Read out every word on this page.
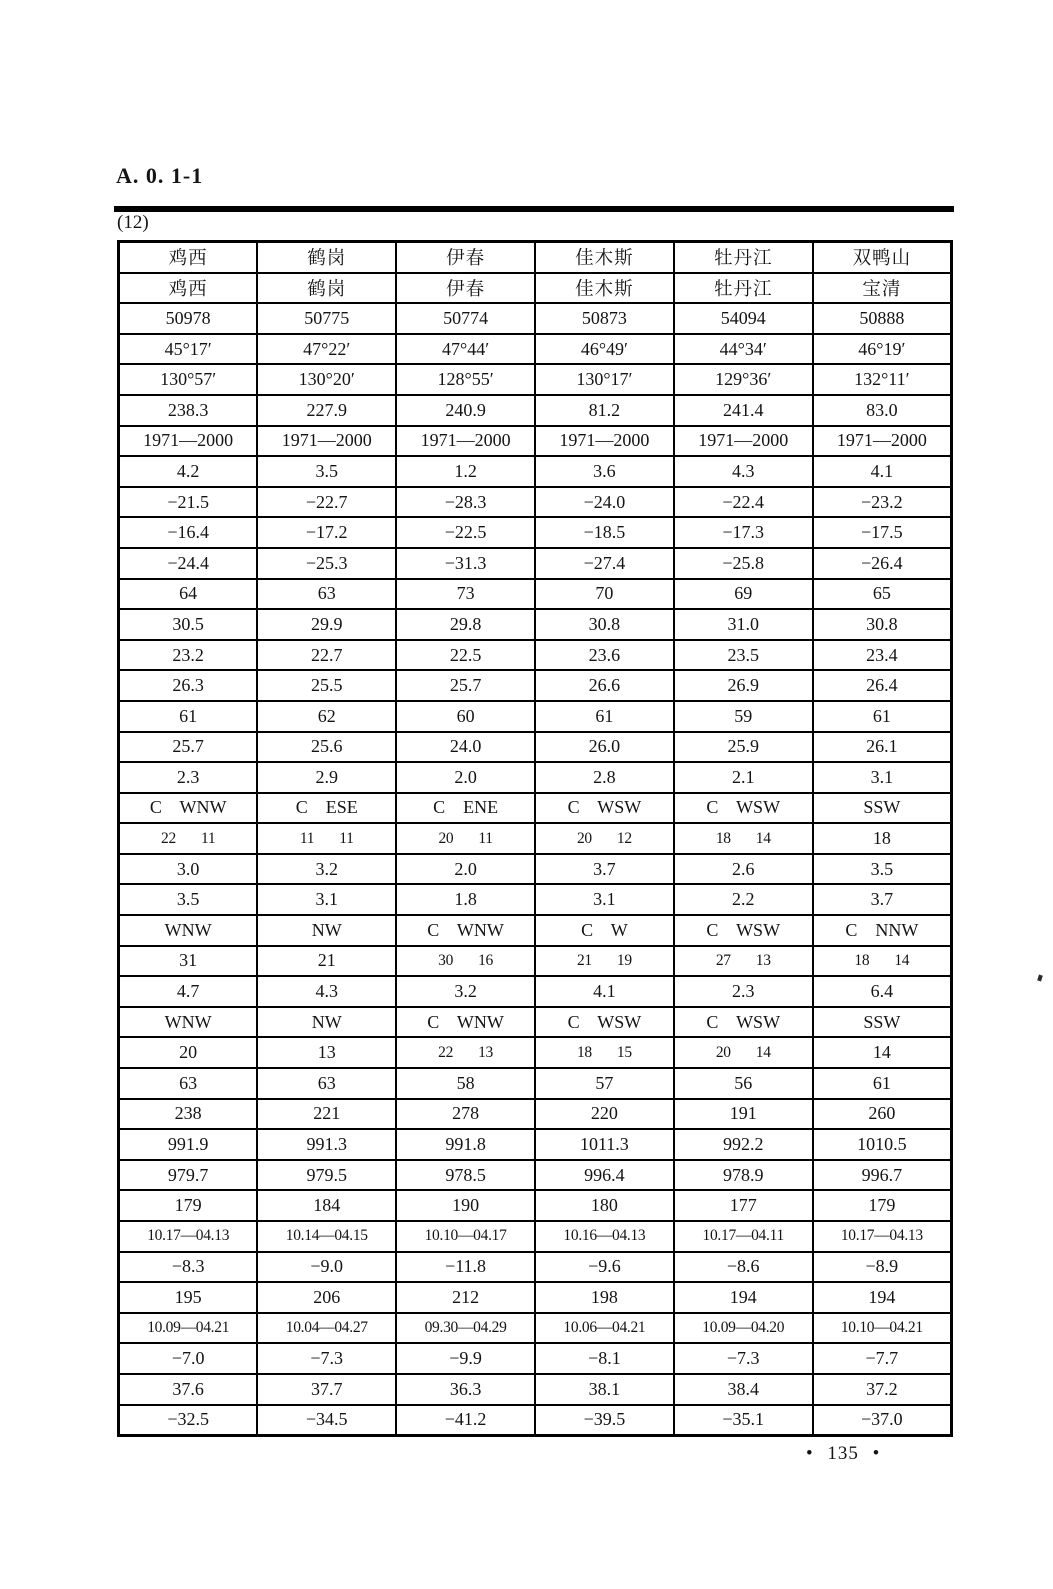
A. 0. 1-1
(12)
鸡西	鹤岗	伊春	佳木斯	牡丹江	双鸭山
鸡西	鹤岗	伊春	佳木斯	牡丹江	宝清
50978	50775	50774	50873	54094	50888
45°17′	47°22′	47°44′	46°49′	44°34′	46°19′
130°57′	130°20′	128°55′	130°17′	129°36′	132°11′
238.3	227.9	240.9	81.2	241.4	83.0
1971—2000	1971—2000	1971—2000	1971—2000	1971—2000	1971—2000
4.2	3.5	1.2	3.6	4.3	4.1
−21.5	−22.7	−28.3	−24.0	−22.4	−23.2
−16.4	−17.2	−22.5	−18.5	−17.3	−17.5
−24.4	−25.3	−31.3	−27.4	−25.8	−26.4
64	63	73	70	69	65
30.5	29.9	29.8	30.8	31.0	30.8
23.2	22.7	22.5	23.6	23.5	23.4
26.3	25.5	25.7	26.6	26.9	26.4
61	62	60	61	59	61
25.7	25.6	24.0	26.0	25.9	26.1
2.3	2.9	2.0	2.8	2.1	3.1
C    WNW	C    ESE	C    ENE	C    WSW	C    WSW	SSW
22       11	11       11	20       11	20       12	18       14	18
3.0	3.2	2.0	3.7	2.6	3.5
3.5	3.1	1.8	3.1	2.2	3.7
WNW	NW	C    WNW	C    W	C    WSW	C    NNW
31	21	30       16	21       19	27       13	18       14
4.7	4.3	3.2	4.1	2.3	6.4
WNW	NW	C    WNW	C    WSW	C    WSW	SSW
20	13	22       13	18       15	20       14	14
63	63	58	57	56	61
238	221	278	220	191	260
991.9	991.3	991.8	1011.3	992.2	1010.5
979.7	979.5	978.5	996.4	978.9	996.7
179	184	190	180	177	179
10.17—04.13	10.14—04.15	10.10—04.17	10.16—04.13	10.17—04.11	10.17—04.13
−8.3	−9.0	−11.8	−9.6	−8.6	−8.9
195	206	212	198	194	194
10.09—04.21	10.04—04.27	09.30—04.29	10.06—04.21	10.09—04.20	10.10—04.21
−7.0	−7.3	−9.9	−8.1	−7.3	−7.7
37.6	37.7	36.3	38.1	38.4	37.2
−32.5	−34.5	−41.2	−39.5	−35.1	−37.0
• 135 •
